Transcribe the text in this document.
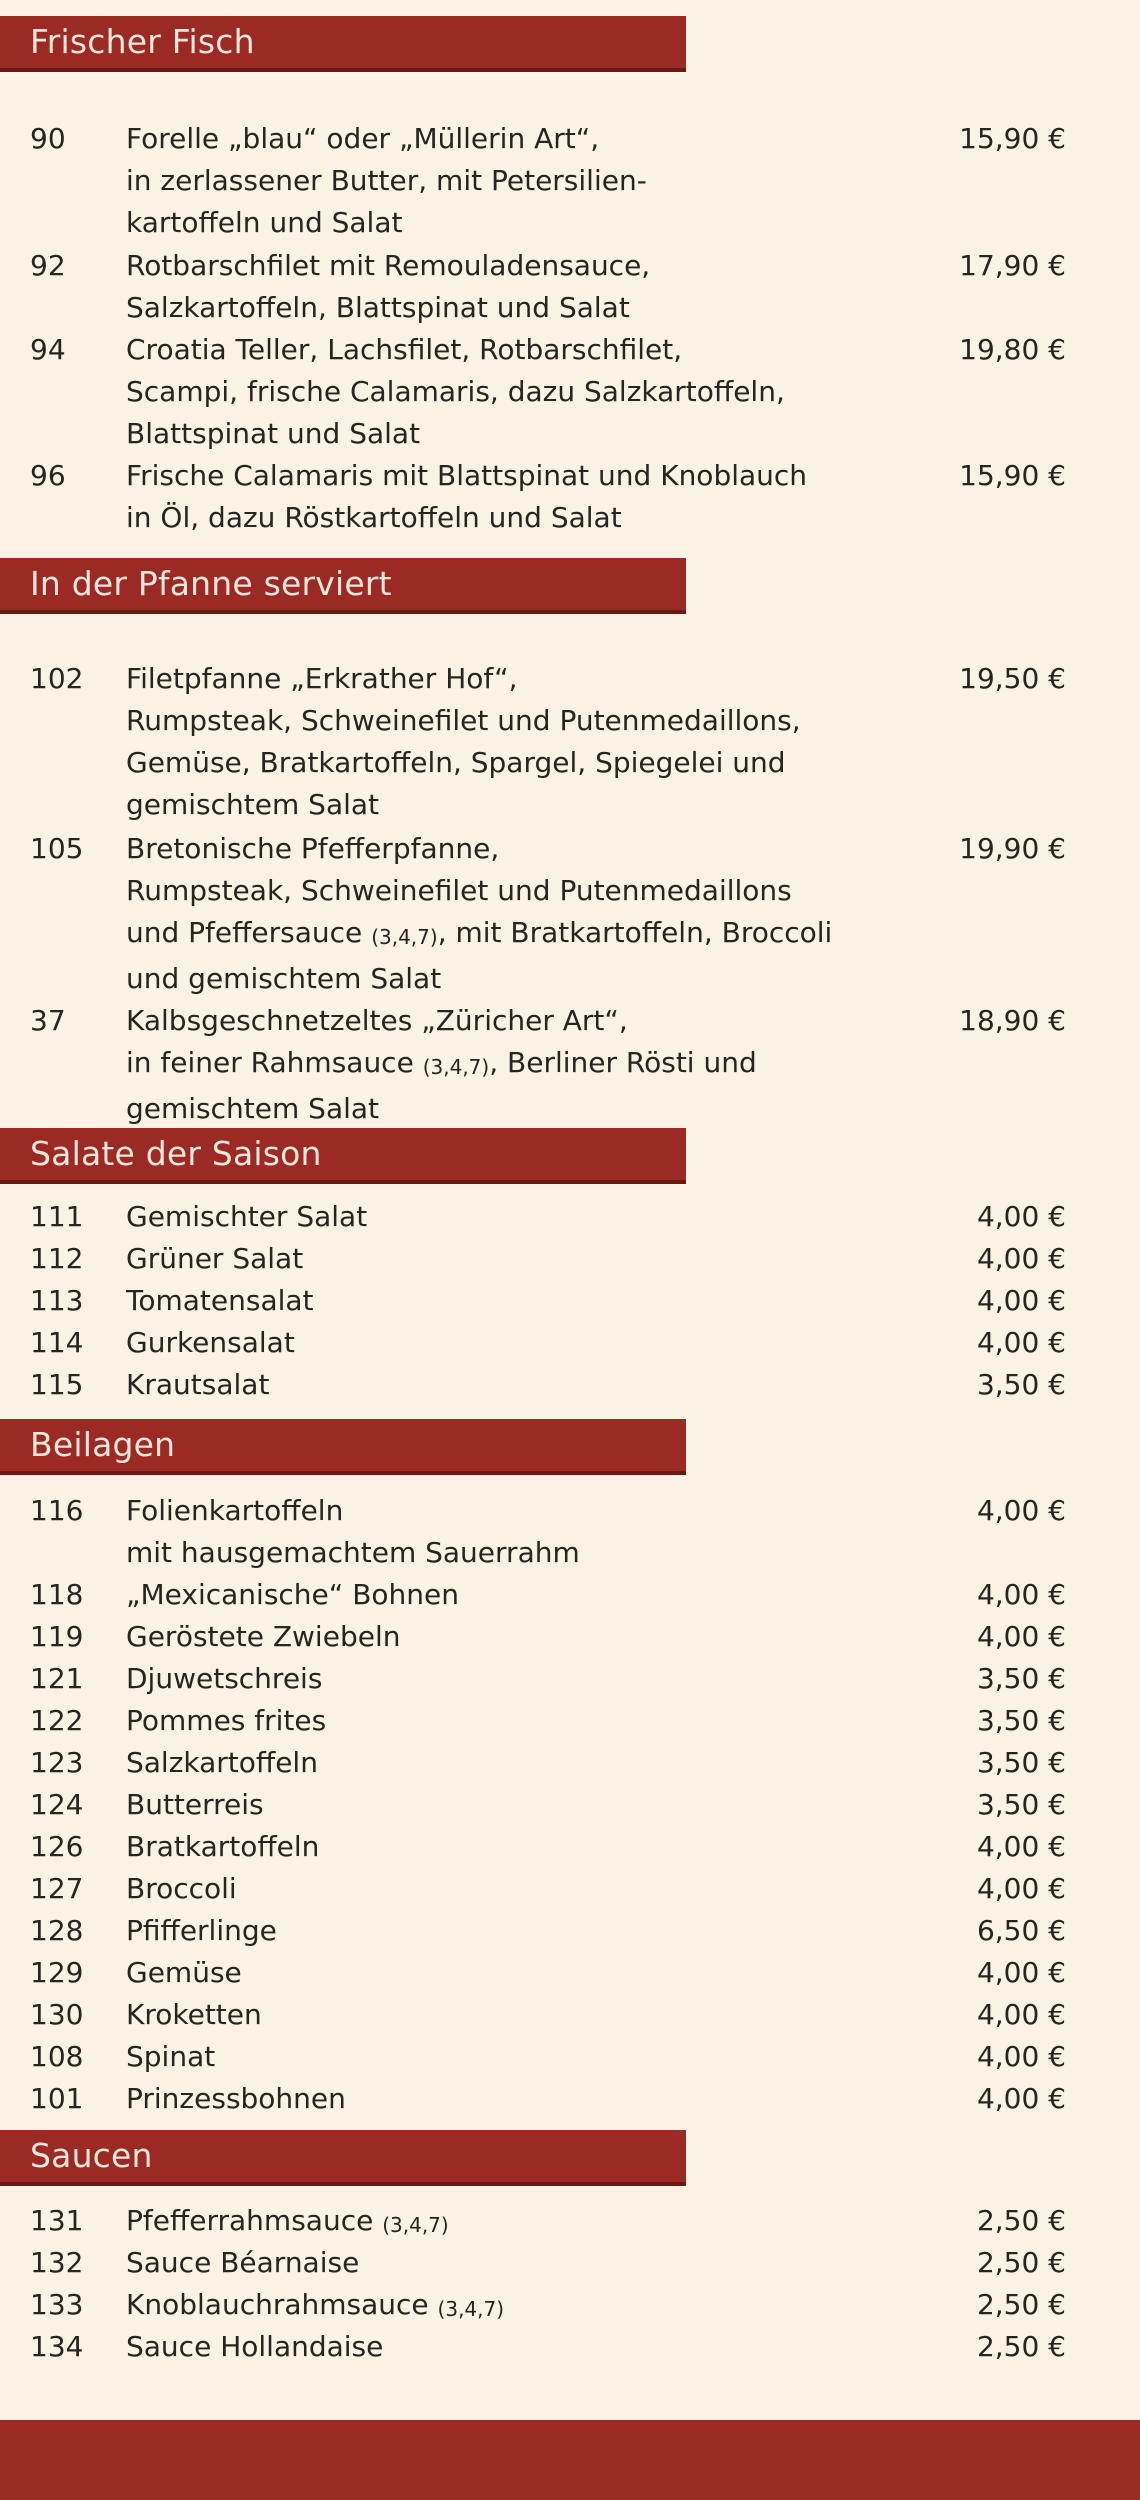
Frischer Fisch
90 Forelle „blau“ oder „Müllerin Art“,
in zerlassener Butter, mit Petersilien-
kartoffeln und Salat
15,90 €
92 Rotbarschfilet mit Remouladensauce,
Salzkartoffeln, Blattspinat und Salat
17,90 €
94 Croatia Teller, Lachsfilet, Rotbarschfilet,
Scampi, frische Calamaris, dazu Salzkartoffeln,
Blattspinat und Salat
19,80 €
96 Frische Calamaris mit Blattspinat und Knoblauch
in Öl, dazu Röstkartoffeln und Salat
15,90 €
In der Pfanne serviert
102 Filetpfanne „Erkrather Hof“,
Rumpsteak, Schweinefilet und Putenmedaillons,
Gemüse, Bratkartoffeln, Spargel, Spiegelei und
gemischtem Salat
19,50 €
105 Bretonische Pfefferpfanne,
Rumpsteak, Schweinefilet und Putenmedaillons
und Pfeffersauce $_{(3,4,7)}$, mit Bratkartoffeln, Broccoli
und gemischtem Salat
19,90 €
37 Kalbsgeschnetzeltes „Züricher Art“,
in feiner Rahmsauce $_{(3,4,7)}$, Berliner Rösti und
gemischtem Salat
18,90 €
Salate der Saison
111 Gemischter Salat	4,00 €
112 Grüner Salat	4,00 €
113 Tomatensalat	4,00 €
114 Gurkensalat	4,00 €
115 Krautsalat	3,50 €
Beilagen
116 Folienkartoffeln
mit hausgemachtem Sauerrahm
4,00 €
118 „Mexicanische“ Bohnen	4,00 €
119 Geröstete Zwiebeln	4,00 €
121 Djuwetschreis	3,50 €
122 Pommes frites	3,50 €
123 Salzkartoffeln	3,50 €
124 Butterreis	3,50 €
126 Bratkartoffeln	4,00 €
127 Broccoli	4,00 €
128 Pfifferlinge	6,50 €
129 Gemüse	4,00 €
130 Kroketten	4,00 €
108 Spinat	4,00 €
101 Prinzessbohnen	4,00 €
Saucen
131 Pfefferrahmsauce $_{(3,4,7)}$	2,50 €
132 Sauce Béarnaise	2,50 €
133 Knoblauchrahmsauce $_{(3,4,7)}$	2,50 €
134 Sauce Hollandaise	2,50 €
